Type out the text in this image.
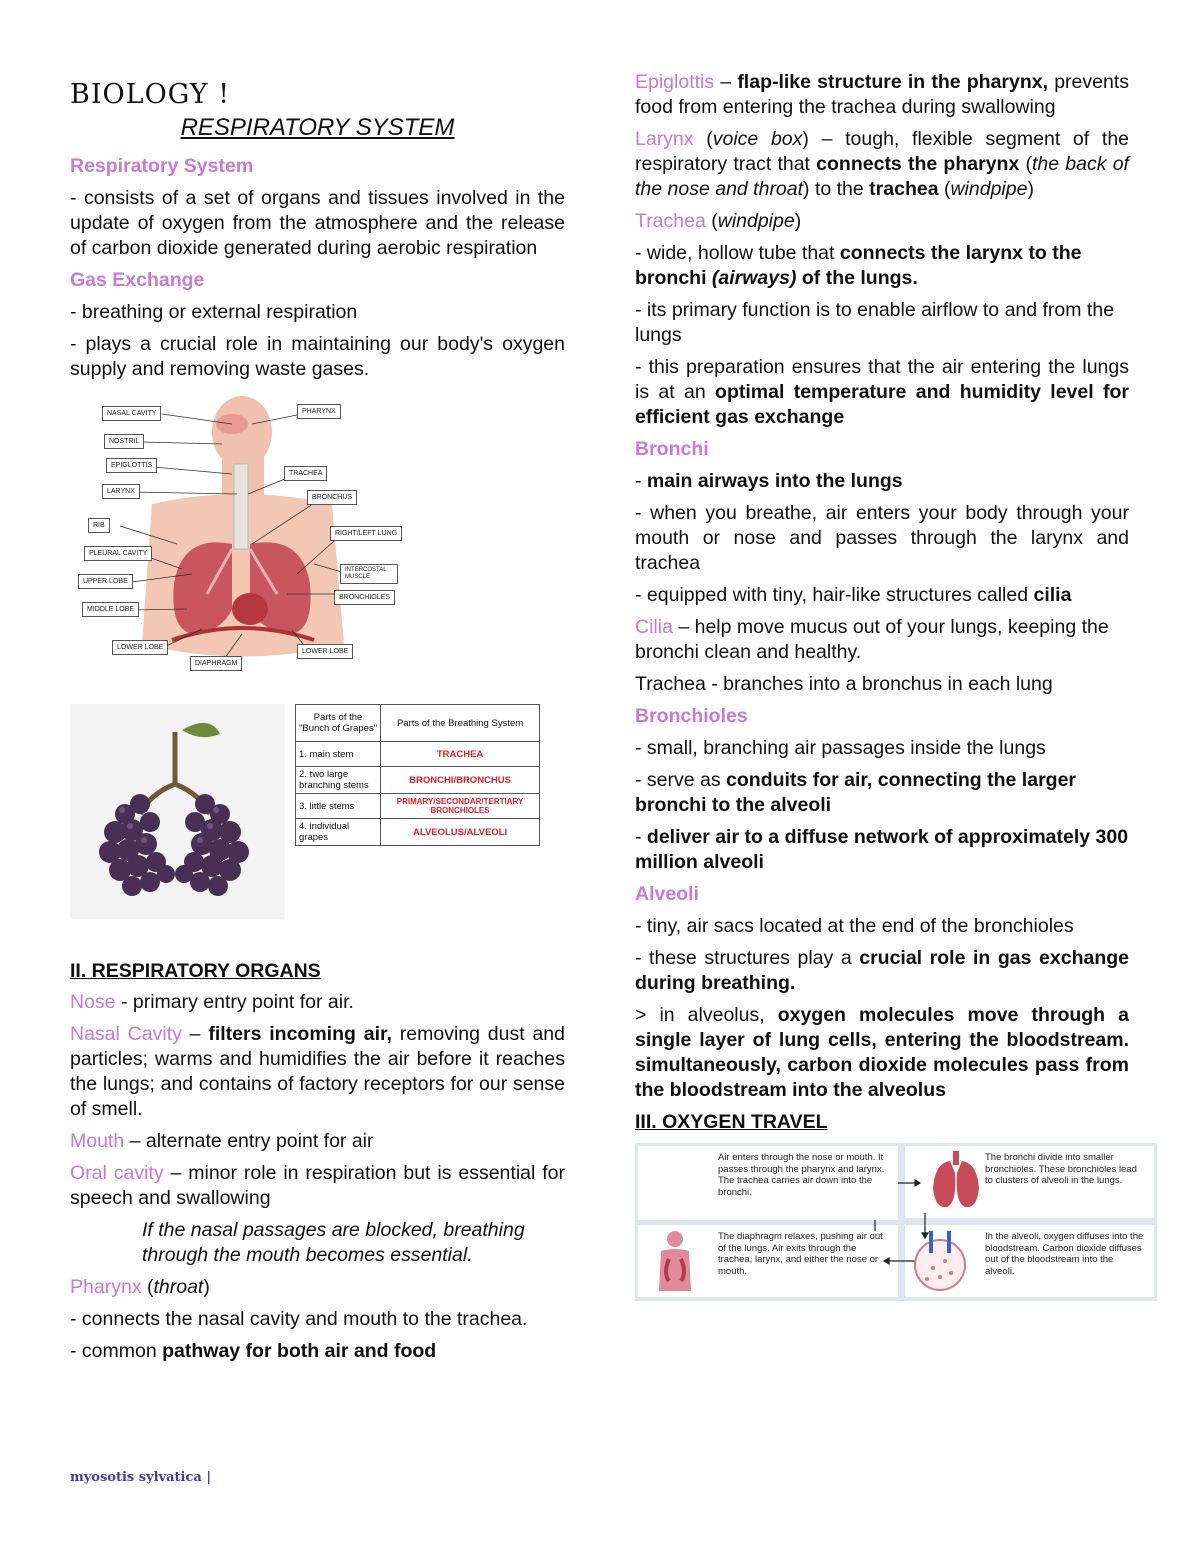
BIOLOGY !
RESPIRATORY SYSTEM

Respiratory System

- consists of a set of organs and tissues involved in the update of oxygen from the atmosphere and the release of carbon dioxide generated during aerobic respiration

Gas Exchange

- breathing or external respiration

- plays a crucial role in maintaining our body's oxygen supply and removing waste gases.

NASAL CAVITY
NOSTRIL
EPIGLOTTIS
LARYNX
RIB
PLEURAL CAVITY
UPPER LOBE
MIDDLE LOBE
LOWER LOBE
DIAPHRAGM
PHARYNX
TRACHEA
BRONCHUS
RIGHT/LEFT LUNG
INTERCOSTAL MUSCLE
BRONCHIOLES
LOWER LOBE
Parts of the "Bunch of Grapes"	Parts of the Breathing System
1. main stem	TRACHEA
2. two large branching stems	BRONCHI/BRONCHUS
3. little stems	PRIMARY/SECONDAR/TERTIARY BRONCHIOLES
4. individual grapes	ALVEOLUS/ALVEOLI

II. RESPIRATORY ORGANS

Nose - primary entry point for air.

Nasal Cavity – filters incoming air, removing dust and particles; warms and humidifies the air before it reaches the lungs; and contains of factory receptors for our sense of smell.

Mouth – alternate entry point for air

Oral cavity – minor role in respiration but is essential for speech and swallowing

If the nasal passages are blocked, breathing through the mouth becomes essential.

Pharynx (throat)

- connects the nasal cavity and mouth to the trachea.

- common pathway for both air and food

Epiglottis – flap-like structure in the pharynx, prevents food from entering the trachea during swallowing

Larynx (voice box) – tough, flexible segment of the respiratory tract that connects the pharynx (the back of the nose and throat) to the trachea (windpipe)

Trachea (windpipe)

- wide, hollow tube that connects the larynx to the bronchi (airways) of the lungs.

- its primary function is to enable airflow to and from the lungs

- this preparation ensures that the air entering the lungs is at an optimal temperature and humidity level for efficient gas exchange

Bronchi

- main airways into the lungs

- when you breathe, air enters your body through your mouth or nose and passes through the larynx and trachea

- equipped with tiny, hair-like structures called cilia

Cilia – help move mucus out of your lungs, keeping the bronchi clean and healthy.

Trachea - branches into a bronchus in each lung

Bronchioles

- small, branching air passages inside the lungs

- serve as conduits for air, connecting the larger bronchi to the alveoli

- deliver air to a diffuse network of approximately 300 million alveoli

Alveoli

- tiny, air sacs located at the end of the bronchioles

- these structures play a crucial role in gas exchange during breathing.

> in alveolus, oxygen molecules move through a single layer of lung cells, entering the bloodstream. simultaneously, carbon dioxide molecules pass from the bloodstream into the alveolus

III. OXYGEN TRAVEL

Air enters through the nose or mouth. It passes through the pharynx and larynx. The trachea carries air down into the bronchi.
The bronchi divide into smaller bronchioles. These bronchioles lead to clusters of alveoli in the lungs.
The diaphragm relaxes, pushing air out of the lungs. Air exits through the trachea, larynx, and either the nose or mouth.
In the alveoli, oxygen diffuses into the bloodstream. Carbon dioxide diffuses out of the bloodstream into the alveoli.
myosotis sylvatica |
